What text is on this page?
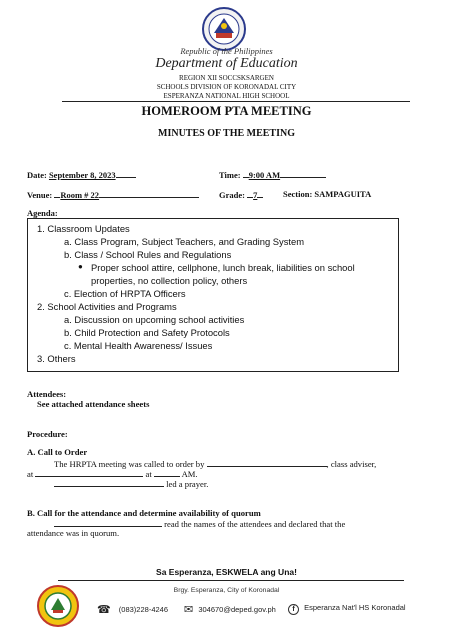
Republic of the Philippines
Department of Education
REGION XII SOCCSKSARGEN
SCHOOLS DIVISION OF KORONADAL CITY
ESPERANZA NATIONAL HIGH SCHOOL
HOMEROOM PTA MEETING
MINUTES OF THE MEETING
Date: September 8, 2023	Time: 9:00 AM
Venue: Room # 22	Grade: 7	Section: SAMPAGUITA
Agenda:
1. Classroom Updates
a. Class Program, Subject Teachers, and Grading System
b. Class / School Rules and Regulations
● Proper school attire, cellphone, lunch break, liabilities on school
properties, no collection policy, others
c. Election of HRPTA Officers
2. School Activities and Programs
a. Discussion on upcoming school activities
b. Child Protection and Safety Protocols
c. Mental Health Awareness/ Issues
3. Others
Attendees:
See attached attendance sheets
Procedure:
A. Call to Order
The HRPTA meeting was called to order by	, class adviser,
at	at	AM.
led a prayer.
B. Call for the attendance and determine availability of quorum
read the names of the attendees and declared that the
attendance was in quorum.
Sa Esperanza, ESKWELA ang Una!
Brgy. Esperanza, City of Koronadal
☎ (083)228-4246 ✉ 304670@deped.gov.ph	f Esperanza Nat'l HS Koronadal
